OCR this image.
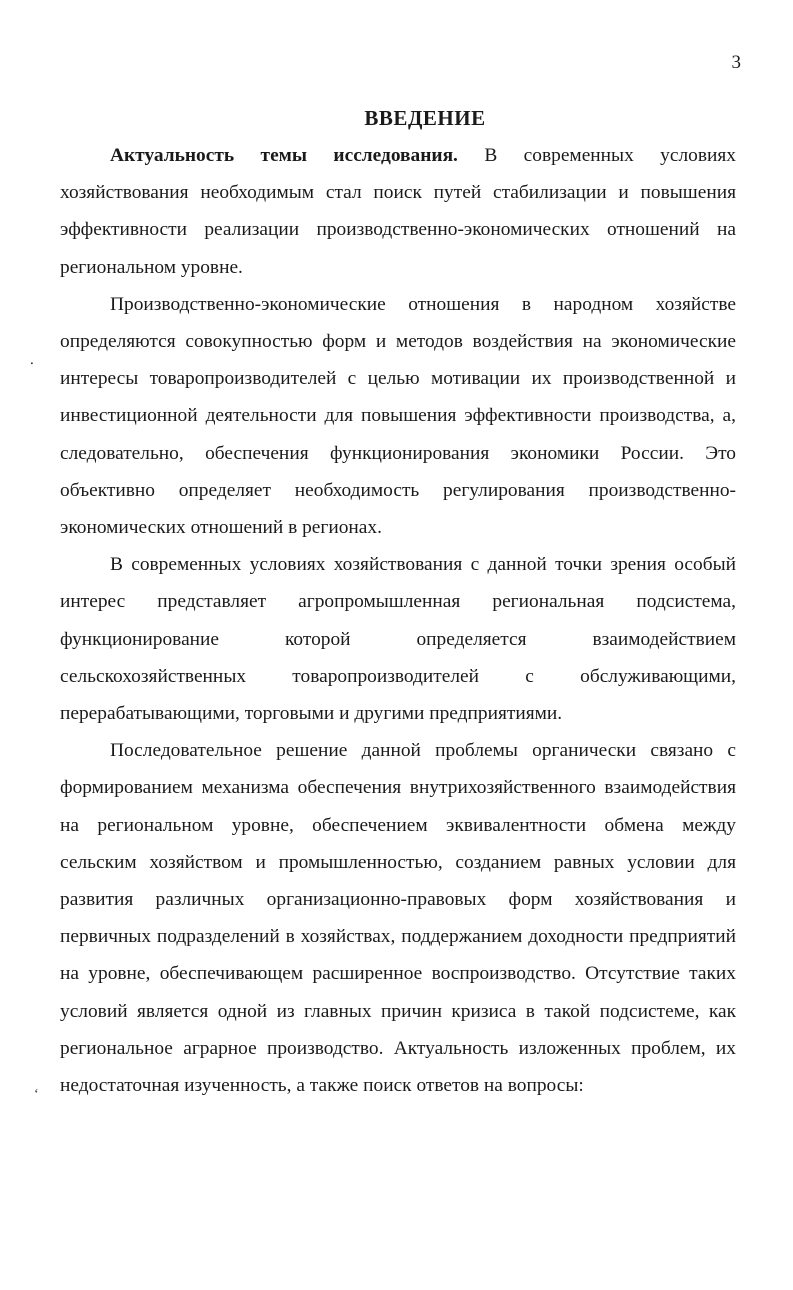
3
ВВЕДЕНИЕ

Актуальность темы исследования. В современных условиях хозяйствования необходимым стал поиск путей стабилизации и повышения эффективности реализации производственно-экономических отношений на региональном уровне.

Производственно-экономические отношения в народном хозяйстве определяются совокупностью форм и методов воздействия на экономические интересы товаропроизводителей с целью мотивации их производственной и инвестиционной деятельности для повышения эффективности производства, а, следовательно, обеспечения функционирования экономики России. Это объективно определяет необходимость регулирования производственно-экономических отношений в регионах.

В современных условиях хозяйствования с данной точки зрения особый интерес представляет агропромышленная региональная подсистема, функционирование которой определяется взаимодействием сельскохозяйственных товаропроизводителей с обслуживающими, перерабатывающими, торговыми и другими предприятиями.

Последовательное решение данной проблемы органически связано с формированием механизма обеспечения внутрихозяйственного взаимодействия на региональном уровне, обеспечением эквивалентности обмена между сельским хозяйством и промышленностью, созданием равных условии для развития различных организационно-правовых форм хозяйствования и первичных подразделений в хозяйствах, поддержанием доходности предприятий на уровне, обеспечивающем расширенное воспроизводство. Отсутствие таких условий является одной из главных причин кризиса в такой подсистеме, как региональное аграрное производство. Актуальность изложенных проблем, их недостаточная изученность, а также поиск ответов на вопросы:

⸱
‘
